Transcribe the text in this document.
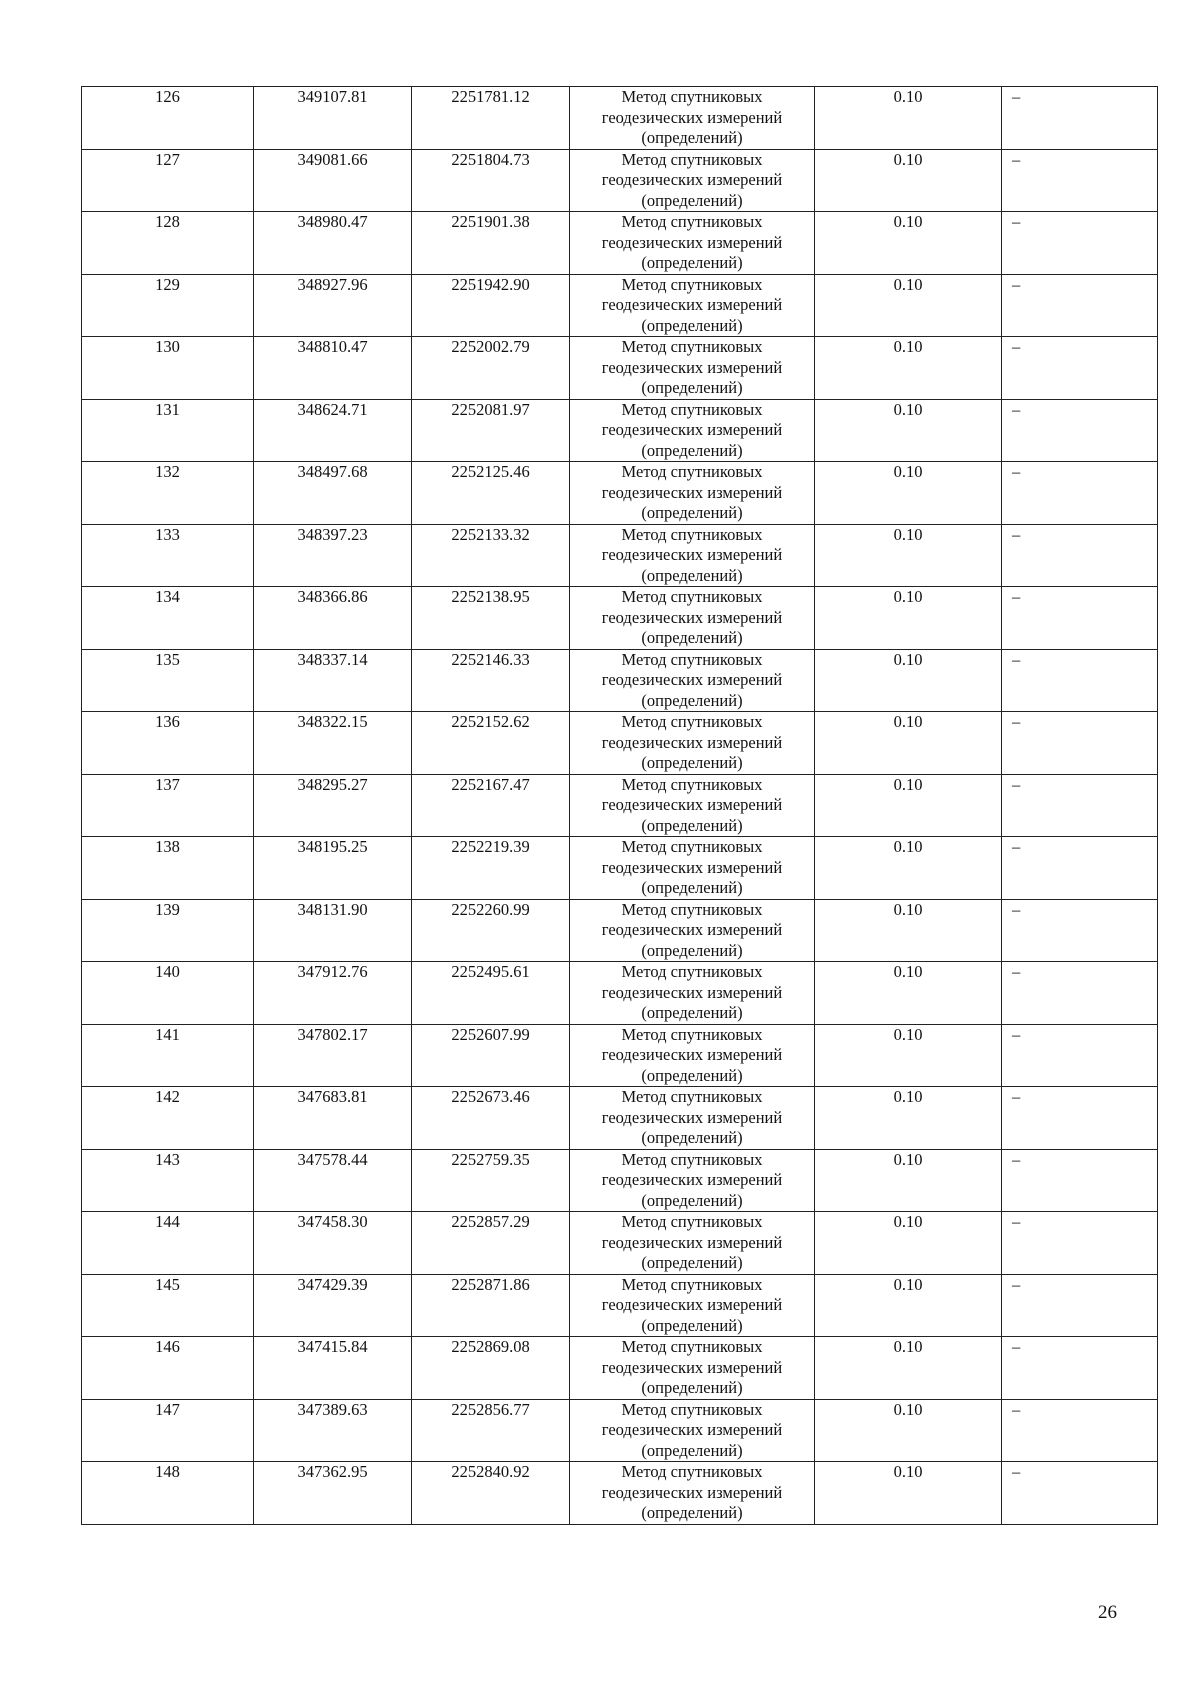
126	349107.81	2251781.12	Метод спутниковых геодезических измерений (определений)	0.10	–
127	349081.66	2251804.73	Метод спутниковых геодезических измерений (определений)	0.10	–
128	348980.47	2251901.38	Метод спутниковых геодезических измерений (определений)	0.10	–
129	348927.96	2251942.90	Метод спутниковых геодезических измерений (определений)	0.10	–
130	348810.47	2252002.79	Метод спутниковых геодезических измерений (определений)	0.10	–
131	348624.71	2252081.97	Метод спутниковых геодезических измерений (определений)	0.10	–
132	348497.68	2252125.46	Метод спутниковых геодезических измерений (определений)	0.10	–
133	348397.23	2252133.32	Метод спутниковых геодезических измерений (определений)	0.10	–
134	348366.86	2252138.95	Метод спутниковых геодезических измерений (определений)	0.10	–
135	348337.14	2252146.33	Метод спутниковых геодезических измерений (определений)	0.10	–
136	348322.15	2252152.62	Метод спутниковых геодезических измерений (определений)	0.10	–
137	348295.27	2252167.47	Метод спутниковых геодезических измерений (определений)	0.10	–
138	348195.25	2252219.39	Метод спутниковых геодезических измерений (определений)	0.10	–
139	348131.90	2252260.99	Метод спутниковых геодезических измерений (определений)	0.10	–
140	347912.76	2252495.61	Метод спутниковых геодезических измерений (определений)	0.10	–
141	347802.17	2252607.99	Метод спутниковых геодезических измерений (определений)	0.10	–
142	347683.81	2252673.46	Метод спутниковых геодезических измерений (определений)	0.10	–
143	347578.44	2252759.35	Метод спутниковых геодезических измерений (определений)	0.10	–
144	347458.30	2252857.29	Метод спутниковых геодезических измерений (определений)	0.10	–
145	347429.39	2252871.86	Метод спутниковых геодезических измерений (определений)	0.10	–
146	347415.84	2252869.08	Метод спутниковых геодезических измерений (определений)	0.10	–
147	347389.63	2252856.77	Метод спутниковых геодезических измерений (определений)	0.10	–
148	347362.95	2252840.92	Метод спутниковых геодезических измерений (определений)	0.10	–
26
